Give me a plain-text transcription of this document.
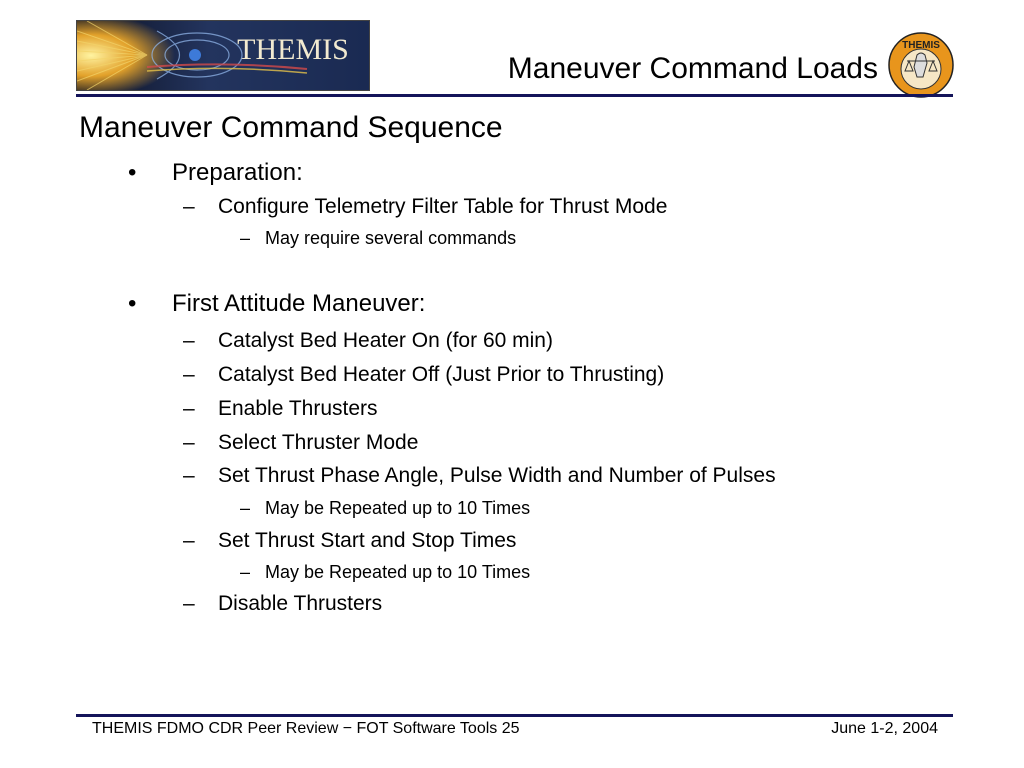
THEMIS
Maneuver Command Loads
THEMIS
Maneuver Command Sequence
• Preparation:
– Configure Telemetry Filter Table for Thrust Mode
– May require several commands
• First Attitude Maneuver:
– Catalyst Bed Heater On (for 60 min)
– Catalyst Bed Heater Off (Just Prior to Thrusting)
– Enable Thrusters
– Select Thruster Mode
– Set Thrust Phase Angle, Pulse Width and Number of Pulses
– May be Repeated up to 10 Times
– Set Thrust Start and Stop Times
– May be Repeated up to 10 Times
– Disable Thrusters
THEMIS FDMO CDR Peer Review − FOT Software Tools 25	June 1-2, 2004
